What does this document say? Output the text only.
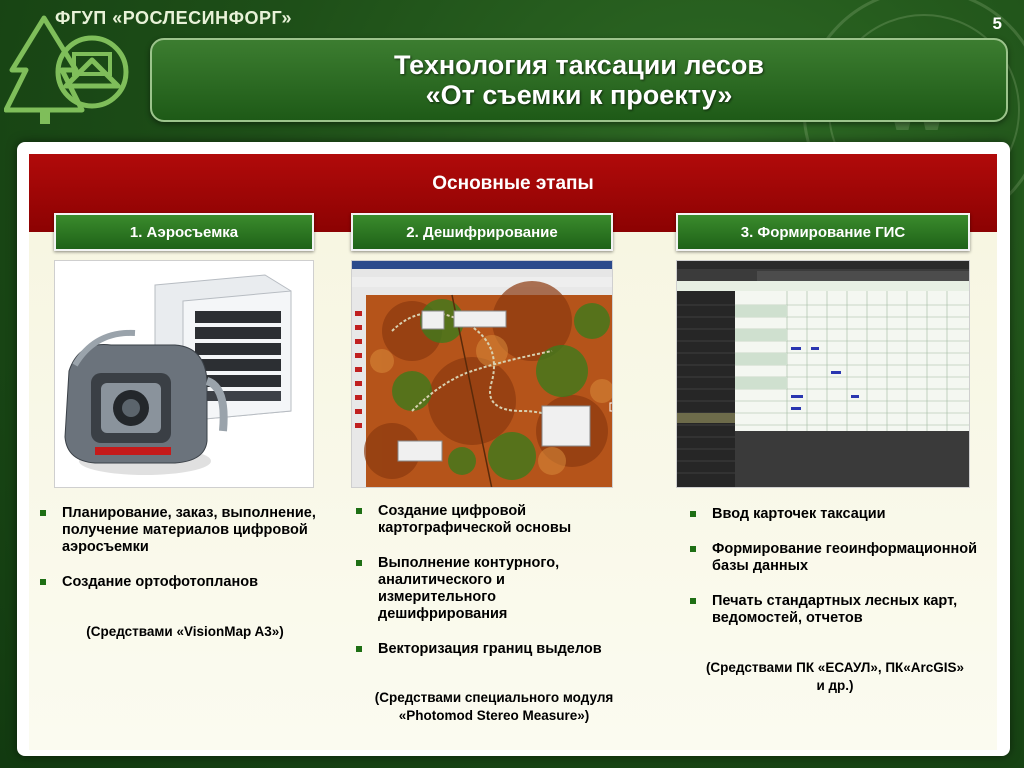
ФГУП «РОСЛЕСИНФОРГ»	5
Технология таксации лесов
«От съемки к проекту»
Основные этапы
1. Аэросъемка	2. Дешифрирование	3. Формирование ГИС
Планирование, заказ, выполнение, получение материалов цифровой аэросъемки
Создание ортофотопланов
(Средствами «VisionMap A3»)
Создание цифровой картографической основы
Выполнение контурного, аналитического и измерительного дешифрирования
Векторизация границ выделов
(Средствами специального модуля «Photomod Stereo Measure»)
Ввод карточек таксации
Формирование геоинформационной базы данных
Печать стандартных лесных карт, ведомостей, отчетов
(Средствами ПК «ЕСАУЛ», ПК«ArcGIS» и др.)
